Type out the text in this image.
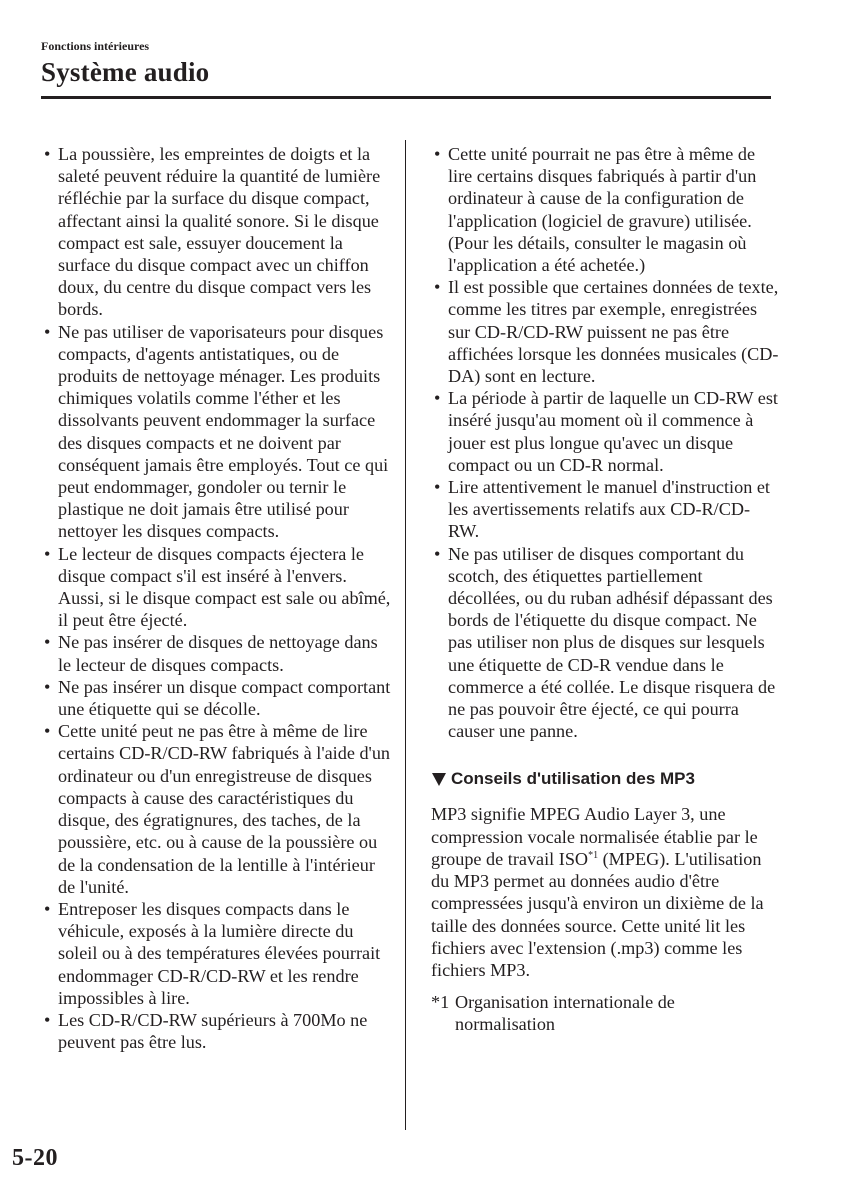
Fonctions intérieures
Système audio
• La poussière, les empreintes de doigts et la saleté peuvent réduire la quantité de lumière réfléchie par la surface du disque compact, affectant ainsi la qualité sonore. Si le disque compact est sale, essuyer doucement la surface du disque compact avec un chiffon doux, du centre du disque compact vers les bords.
• Ne pas utiliser de vaporisateurs pour disques compacts, d'agents antistatiques, ou de produits de nettoyage ménager. Les produits chimiques volatils comme l'éther et les dissolvants peuvent endommager la surface des disques compacts et ne doivent par conséquent jamais être employés. Tout ce qui peut endommager, gondoler ou ternir le plastique ne doit jamais être utilisé pour nettoyer les disques compacts.
• Le lecteur de disques compacts éjectera le disque compact s'il est inséré à l'envers. Aussi, si le disque compact est sale ou abîmé, il peut être éjecté.
• Ne pas insérer de disques de nettoyage dans le lecteur de disques compacts.
• Ne pas insérer un disque compact comportant une étiquette qui se décolle.
• Cette unité peut ne pas être à même de lire certains CD-R/CD-RW fabriqués à l'aide d'un ordinateur ou d'un enregistreuse de disques compacts à cause des caractéristiques du disque, des égratignures, des taches, de la poussière, etc. ou à cause de la poussière ou de la condensation de la lentille à l'intérieur de l'unité.
• Entreposer les disques compacts dans le véhicule, exposés à la lumière directe du soleil ou à des températures élevées pourrait endommager CD-R/CD-RW et les rendre impossibles à lire.
• Les CD-R/CD-RW supérieurs à 700Mo ne peuvent pas être lus.
• Cette unité pourrait ne pas être à même de lire certains disques fabriqués à partir d'un ordinateur à cause de la configuration de l'application (logiciel de gravure) utilisée. (Pour les détails, consulter le magasin où l'application a été achetée.)
• Il est possible que certaines données de texte, comme les titres par exemple, enregistrées sur CD-R/CD-RW puissent ne pas être affichées lorsque les données musicales (CD-DA) sont en lecture.
• La période à partir de laquelle un CD-RW est inséré jusqu'au moment où il commence à jouer est plus longue qu'avec un disque compact ou un CD-R normal.
• Lire attentivement le manuel d'instruction et les avertissements relatifs aux CD-R/CD-RW.
• Ne pas utiliser de disques comportant du scotch, des étiquettes partiellement décollées, ou du ruban adhésif dépassant des bords de l'étiquette du disque compact. Ne pas utiliser non plus de disques sur lesquels une étiquette de CD-R vendue dans le commerce a été collée. Le disque risquera de ne pas pouvoir être éjecté, ce qui pourra causer une panne.
Conseils d'utilisation des MP3
MP3 signifie MPEG Audio Layer 3, une compression vocale normalisée établie par le groupe de travail ISO$^{*1}$ (MPEG). L'utilisation du MP3 permet au données audio d'être compressées jusqu'à environ un dixième de la taille des données source. Cette unité lit les fichiers avec l'extension (.mp3) comme les fichiers MP3.
*1 Organisation internationale de normalisation
5-20
